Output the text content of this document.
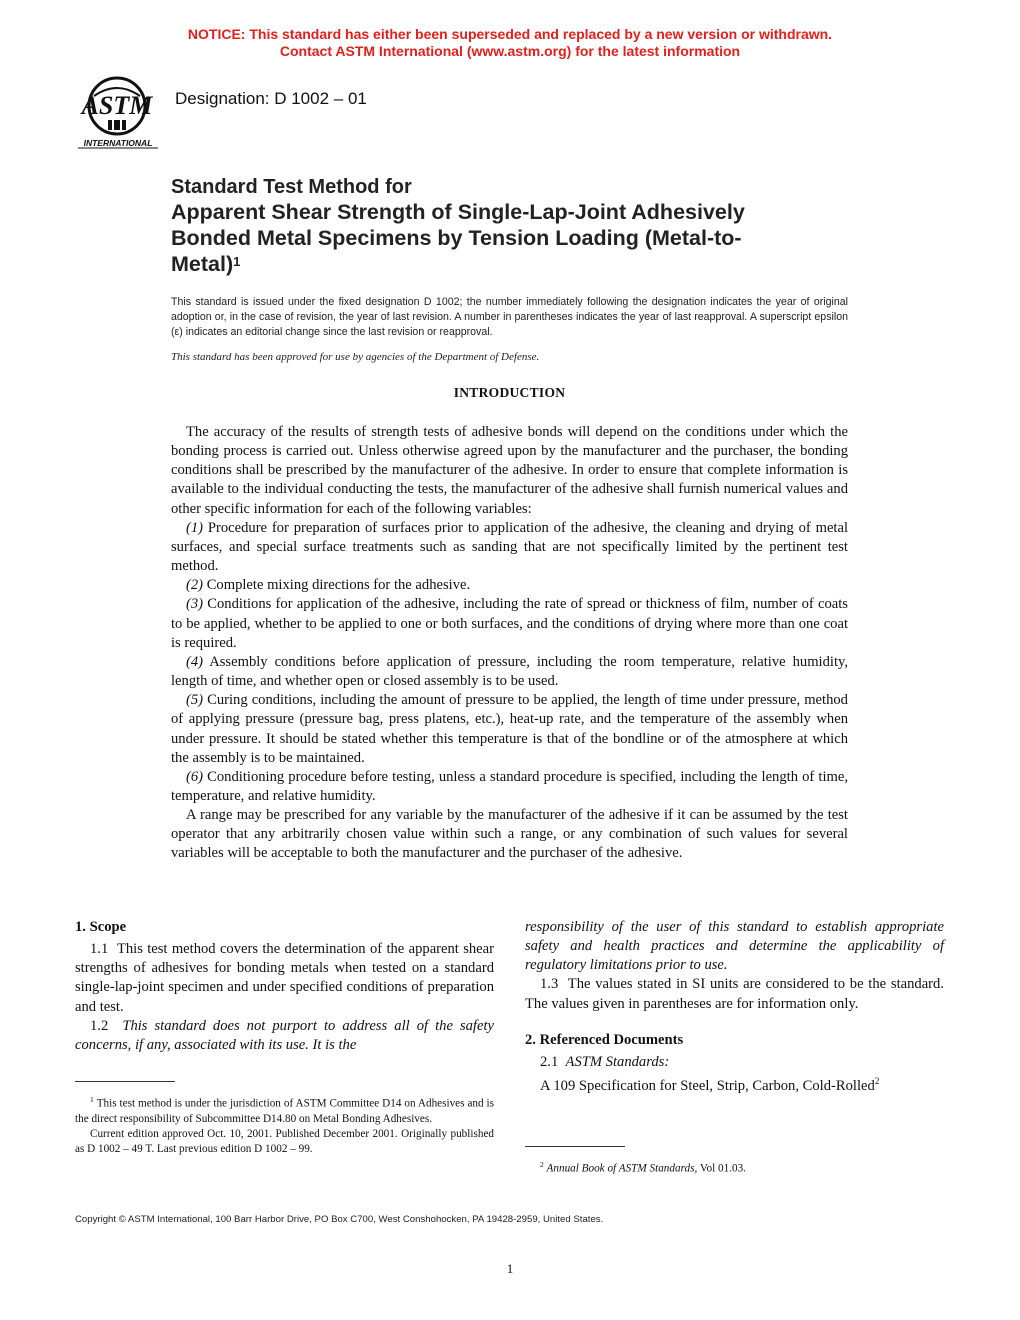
NOTICE: This standard has either been superseded and replaced by a new version or withdrawn.
Contact ASTM International (www.astm.org) for the latest information
ASTM
INTERNATIONAL
Designation: D 1002 – 01
Standard Test Method for
Apparent Shear Strength of Single-Lap-Joint Adhesively
Bonded Metal Specimens by Tension Loading (Metal-to-
Metal)$^1$
This standard is issued under the fixed designation D 1002; the number immediately following the designation indicates the year of original adoption or, in the case of revision, the year of last revision. A number in parentheses indicates the year of last reapproval. A superscript epsilon (ε) indicates an editorial change since the last revision or reapproval.
This standard has been approved for use by agencies of the Department of Defense.
INTRODUCTION

The accuracy of the results of strength tests of adhesive bonds will depend on the conditions under which the bonding process is carried out. Unless otherwise agreed upon by the manufacturer and the purchaser, the bonding conditions shall be prescribed by the manufacturer of the adhesive. In order to ensure that complete information is available to the individual conducting the tests, the manufacturer of the adhesive shall furnish numerical values and other specific information for each of the following variables:

(1) Procedure for preparation of surfaces prior to application of the adhesive, the cleaning and drying of metal surfaces, and special surface treatments such as sanding that are not specifically limited by the pertinent test method.

(2) Complete mixing directions for the adhesive.

(3) Conditions for application of the adhesive, including the rate of spread or thickness of film, number of coats to be applied, whether to be applied to one or both surfaces, and the conditions of drying where more than one coat is required.

(4) Assembly conditions before application of pressure, including the room temperature, relative humidity, length of time, and whether open or closed assembly is to be used.

(5) Curing conditions, including the amount of pressure to be applied, the length of time under pressure, method of applying pressure (pressure bag, press platens, etc.), heat-up rate, and the temperature of the assembly when under pressure. It should be stated whether this temperature is that of the bondline or of the atmosphere at which the assembly is to be maintained.

(6) Conditioning procedure before testing, unless a standard procedure is specified, including the length of time, temperature, and relative humidity.

A range may be prescribed for any variable by the manufacturer of the adhesive if it can be assumed by the test operator that any arbitrarily chosen value within such a range, or any combination of such values for several variables will be acceptable to both the manufacturer and the purchaser of the adhesive.

1. Scope

1.1 This test method covers the determination of the apparent shear strengths of adhesives for bonding metals when tested on a standard single-lap-joint specimen and under specified conditions of preparation and test.

1.2 This standard does not purport to address all of the safety concerns, if any, associated with its use. It is the

$^1$ This test method is under the jurisdiction of ASTM Committee D14 on Adhesives and is the direct responsibility of Subcommittee D14.80 on Metal Bonding Adhesives.

Current edition approved Oct. 10, 2001. Published December 2001. Originally published as D 1002 – 49 T. Last previous edition D 1002 – 99.

responsibility of the user of this standard to establish appropriate safety and health practices and determine the applicability of regulatory limitations prior to use.

1.3 The values stated in SI units are considered to be the standard. The values given in parentheses are for information only.

2. Referenced Documents

2.1 ASTM Standards:

A 109 Specification for Steel, Strip, Carbon, Cold-Rolled$^2$

$^2$ Annual Book of ASTM Standards, Vol 01.03.

Copyright © ASTM International, 100 Barr Harbor Drive, PO Box C700, West Conshohocken, PA 19428-2959, United States.
1
